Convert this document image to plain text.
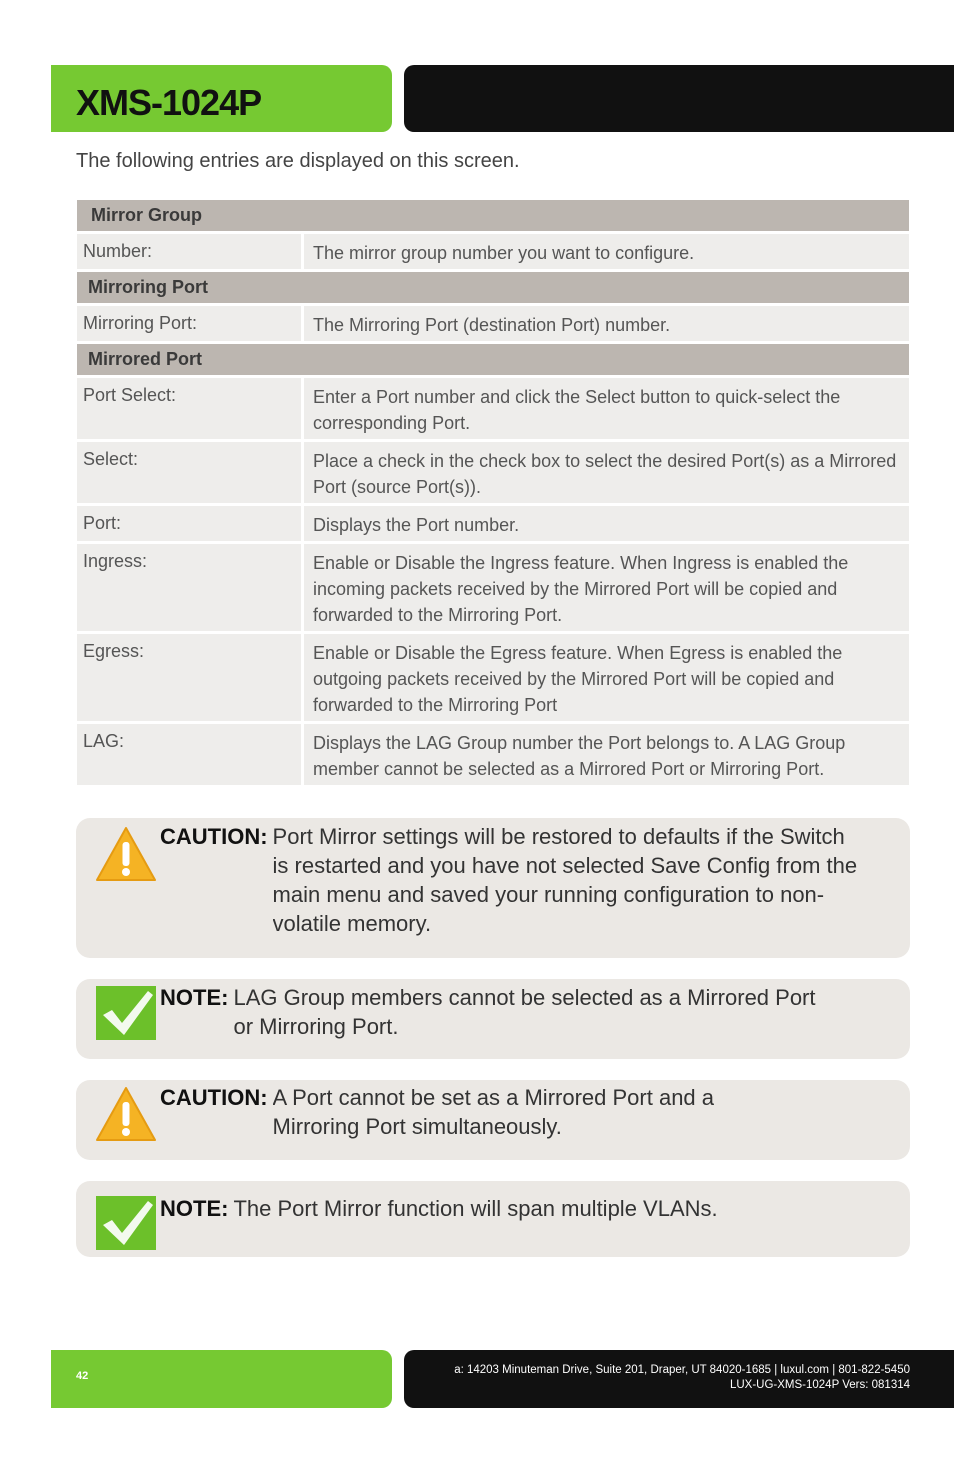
XMS-1024P
The following entries are displayed on this screen.
Mirror Group	
Number:	The mirror group number you want to configure.
Mirroring Port	
Mirroring Port:	The Mirroring Port (destination Port) number.
Mirrored Port	
Port Select:	Enter a Port number and click the Select button to quick-select the corresponding Port.
Select:	Place a check in the check box to select the desired Port(s) as a Mirrored Port (source Port(s)).
Port:	Displays the Port number.
Ingress:	Enable or Disable the Ingress feature. When Ingress is enabled the incoming packets received by the Mirrored Port will be copied and forwarded to the Mirroring Port.
Egress:	Enable or Disable the Egress feature. When Egress is enabled the outgoing packets received by the Mirrored Port will be copied and forwarded to the Mirroring Port
LAG:	Displays the LAG Group number the Port belongs to. A LAG Group member cannot be selected as a Mirrored Port or Mirroring Port.
CAUTION: Port Mirror settings will be restored to defaults if the Switch is restarted and you have not selected Save Config from the main menu and saved your running configuration to non-volatile memory.
NOTE: LAG Group members cannot be selected as a Mirrored Port or Mirroring Port.
CAUTION: A Port cannot be set as a Mirrored Port and a Mirroring Port simultaneously.
NOTE: The Port Mirror function will span multiple VLANs.
42	a: 14203 Minuteman Drive, Suite 201, Draper, UT 84020-1685 | luxul.com | 801-822-5450
LUX-UG-XMS-1024P Vers: 081314
